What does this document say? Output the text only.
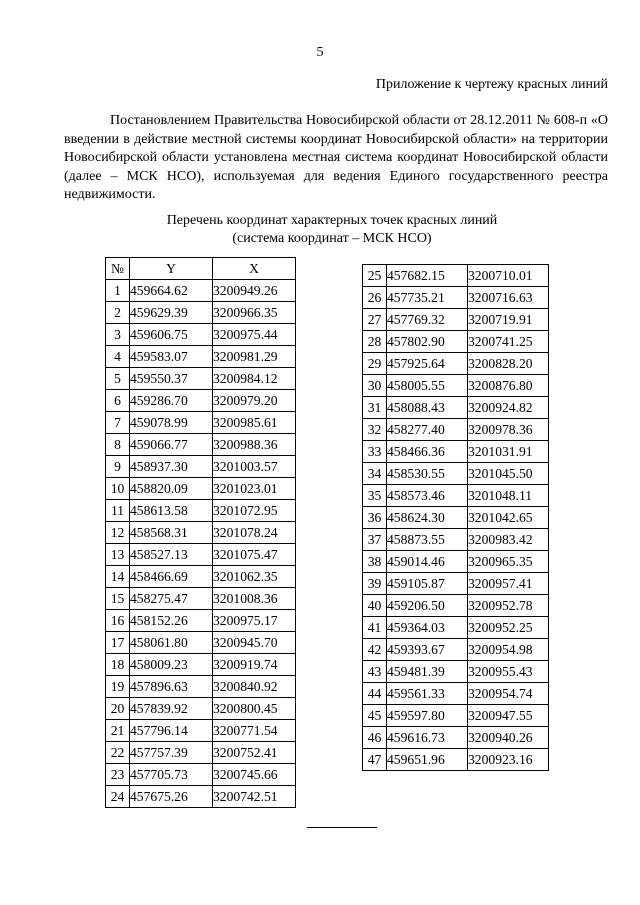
5
Приложение к чертежу красных линий

Постановлением Правительства Новосибирской области от 28.12.2011 № 608-п «О введении в действие местной системы координат Новосибирской области» на территории Новосибирской области установлена местная система координат Новосибирской области (далее – МСК НСО), используемая для ведения Единого государственного реестра недвижимости.

Перечень координат характерных точек красных линий
(система координат – МСК НСО)
№	Y	X
1	459664.62	3200949.26
2	459629.39	3200966.35
3	459606.75	3200975.44
4	459583.07	3200981.29
5	459550.37	3200984.12
6	459286.70	3200979.20
7	459078.99	3200985.61
8	459066.77	3200988.36
9	458937.30	3201003.57
10	458820.09	3201023.01
11	458613.58	3201072.95
12	458568.31	3201078.24
13	458527.13	3201075.47
14	458466.69	3201062.35
15	458275.47	3201008.36
16	458152.26	3200975.17
17	458061.80	3200945.70
18	458009.23	3200919.74
19	457896.63	3200840.92
20	457839.92	3200800.45
21	457796.14	3200771.54
22	457757.39	3200752.41
23	457705.73	3200745.66
24	457675.26	3200742.51
25	457682.15	3200710.01
26	457735.21	3200716.63
27	457769.32	3200719.91
28	457802.90	3200741.25
29	457925.64	3200828.20
30	458005.55	3200876.80
31	458088.43	3200924.82
32	458277.40	3200978.36
33	458466.36	3201031.91
34	458530.55	3201045.50
35	458573.46	3201048.11
36	458624.30	3201042.65
37	458873.55	3200983.42
38	459014.46	3200965.35
39	459105.87	3200957.41
40	459206.50	3200952.78
41	459364.03	3200952.25
42	459393.67	3200954.98
43	459481.39	3200955.43
44	459561.33	3200954.74
45	459597.80	3200947.55
46	459616.73	3200940.26
47	459651.96	3200923.16
